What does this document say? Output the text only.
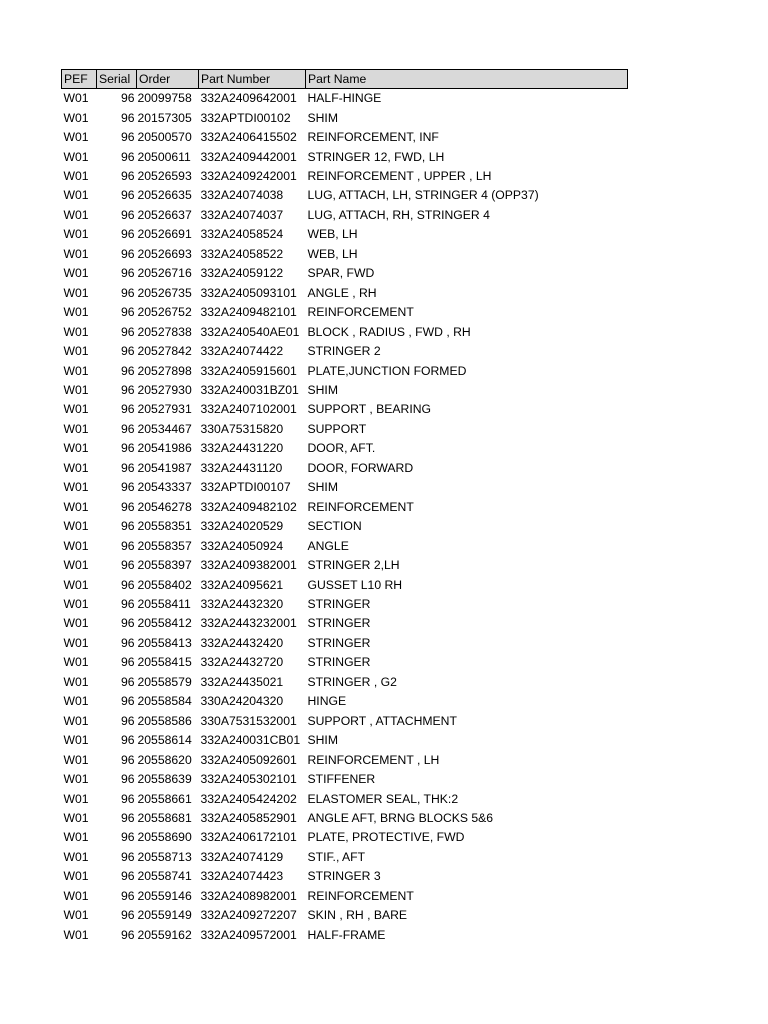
PEF	Serial	Order	Part Number	Part Name
W01	96	20099758	332A2409642001	HALF-HINGE
W01	96	20157305	332APTDI00102	SHIM
W01	96	20500570	332A2406415502	REINFORCEMENT, INF
W01	96	20500611	332A2409442001	STRINGER 12, FWD, LH
W01	96	20526593	332A2409242001	REINFORCEMENT , UPPER , LH
W01	96	20526635	332A24074038	LUG, ATTACH, LH, STRINGER 4 (OPP37)
W01	96	20526637	332A24074037	LUG, ATTACH, RH, STRINGER 4
W01	96	20526691	332A24058524	WEB, LH
W01	96	20526693	332A24058522	WEB, LH
W01	96	20526716	332A24059122	SPAR, FWD
W01	96	20526735	332A2405093101	ANGLE , RH
W01	96	20526752	332A2409482101	REINFORCEMENT
W01	96	20527838	332A240540AE01	BLOCK , RADIUS , FWD , RH
W01	96	20527842	332A24074422	STRINGER 2
W01	96	20527898	332A2405915601	PLATE,JUNCTION FORMED
W01	96	20527930	332A240031BZ01	SHIM
W01	96	20527931	332A2407102001	SUPPORT , BEARING
W01	96	20534467	330A75315820	SUPPORT
W01	96	20541986	332A24431220	DOOR, AFT.
W01	96	20541987	332A24431120	DOOR, FORWARD
W01	96	20543337	332APTDI00107	SHIM
W01	96	20546278	332A2409482102	REINFORCEMENT
W01	96	20558351	332A24020529	SECTION
W01	96	20558357	332A24050924	ANGLE
W01	96	20558397	332A2409382001	STRINGER 2,LH
W01	96	20558402	332A24095621	GUSSET L10 RH
W01	96	20558411	332A24432320	STRINGER
W01	96	20558412	332A2443232001	STRINGER
W01	96	20558413	332A24432420	STRINGER
W01	96	20558415	332A24432720	STRINGER
W01	96	20558579	332A24435021	STRINGER , G2
W01	96	20558584	330A24204320	HINGE
W01	96	20558586	330A7531532001	SUPPORT , ATTACHMENT
W01	96	20558614	332A240031CB01	SHIM
W01	96	20558620	332A2405092601	REINFORCEMENT , LH
W01	96	20558639	332A2405302101	STIFFENER
W01	96	20558661	332A2405424202	ELASTOMER SEAL, THK:2
W01	96	20558681	332A2405852901	ANGLE AFT, BRNG BLOCKS 5&6
W01	96	20558690	332A2406172101	PLATE, PROTECTIVE, FWD
W01	96	20558713	332A24074129	STIF., AFT
W01	96	20558741	332A24074423	STRINGER 3
W01	96	20559146	332A2408982001	REINFORCEMENT
W01	96	20559149	332A2409272207	SKIN , RH , BARE
W01	96	20559162	332A2409572001	HALF-FRAME
